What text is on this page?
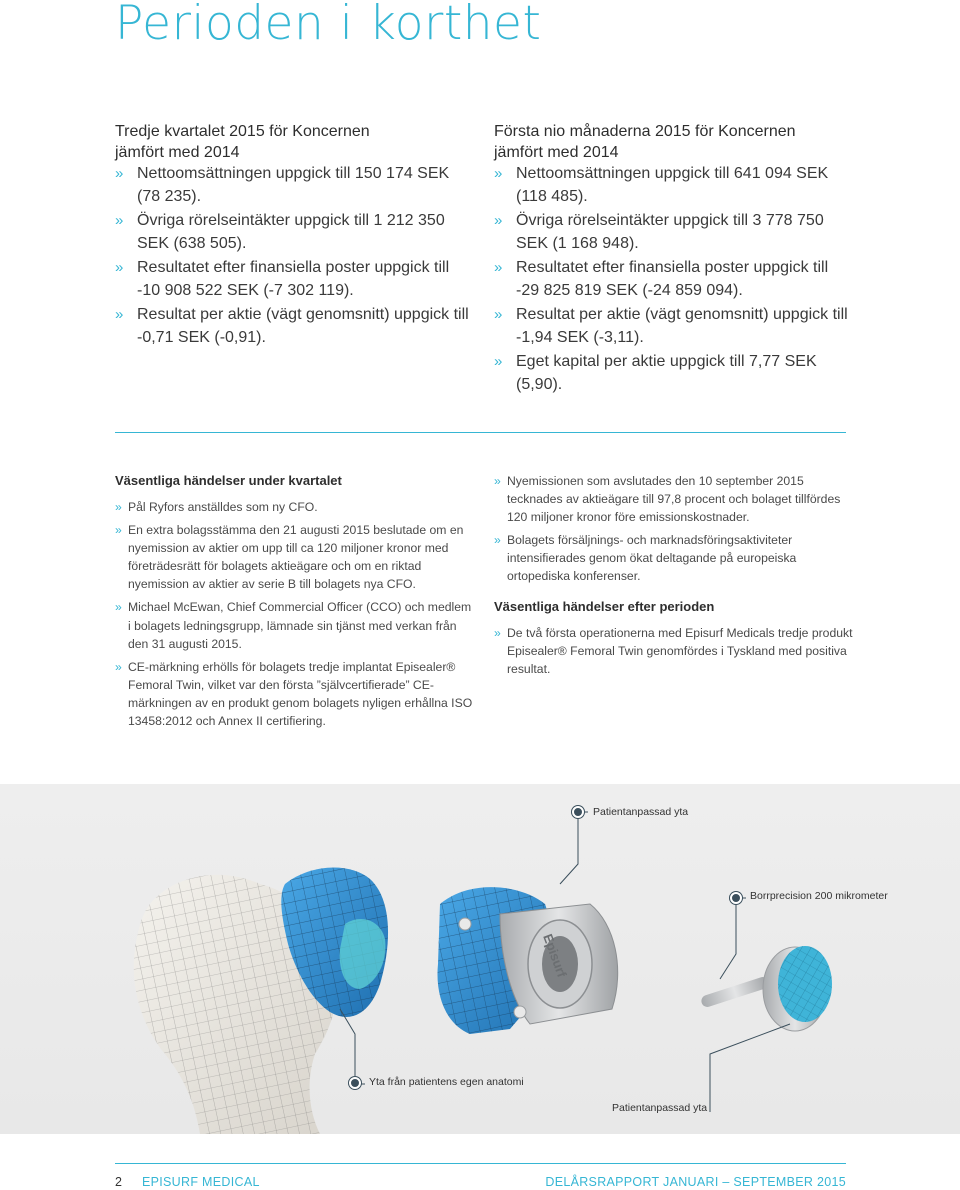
Perioden i korthet
Tredje kvartalet 2015 för Koncernen
jämfört med 2014
» Nettoomsättningen uppgick till 150 174 SEK (78 235).
» Övriga rörelseintäkter uppgick till 1 212 350 SEK (638 505).
» Resultatet efter finansiella poster uppgick till -10 908 522 SEK (-7 302 119).
» Resultat per aktie (vägt genomsnitt) uppgick till -0,71 SEK (-0,91).
Första nio månaderna 2015 för Koncernen
jämfört med 2014
» Nettoomsättningen uppgick till 641 094 SEK (118 485).
» Övriga rörelseintäkter uppgick till 3 778 750 SEK (1 168 948).
» Resultatet efter finansiella poster uppgick till -29 825 819 SEK (-24 859 094).
» Resultat per aktie (vägt genomsnitt) uppgick till -1,94 SEK (-3,11).
» Eget kapital per aktie uppgick till 7,77 SEK (5,90).
Väsentliga händelser under kvartalet
» Pål Ryfors anställdes som ny CFO.
» En extra bolagsstämma den 21 augusti 2015 beslutade om en nyemission av aktier om upp till ca 120 miljoner kronor med företrädesrätt för bolagets aktieägare och om en riktad nyemission av aktier av serie B till bolagets nya CFO.
» Michael McEwan, Chief Commercial Officer (CCO) och medlem i bolagets ledningsgrupp, lämnade sin tjänst med verkan från den 31 augusti 2015.
» CE-märkning erhölls för bolagets tredje implantat Episealer® Femoral Twin, vilket var den första ”självcertifierade” CE-märkningen av en produkt genom bolagets nyligen erhållna ISO 13458:2012 och Annex II certifiering.
» Nyemissionen som avslutades den 10 september 2015 tecknades av aktieägare till 97,8 procent och bolaget tillfördes 120 miljoner kronor före emissionskostnader.
» Bolagets försäljnings- och marknadsföringsaktiviteter intensifierades genom ökat deltagande på europeiska ortopediska konferenser.
Väsentliga händelser efter perioden
» De två första operationerna med Episurf Medicals tredje produkt Episealer® Femoral Twin genomfördes i Tyskland med positiva resultat.
Episurf
Patientanpassad yta
Borrprecision 200 mikrometer
Yta från patientens egen anatomi
Patientanpassad yta
2 EPISURF MEDICAL	DELÅRSRAPPORT JANUARI – SEPTEMBER 2015
